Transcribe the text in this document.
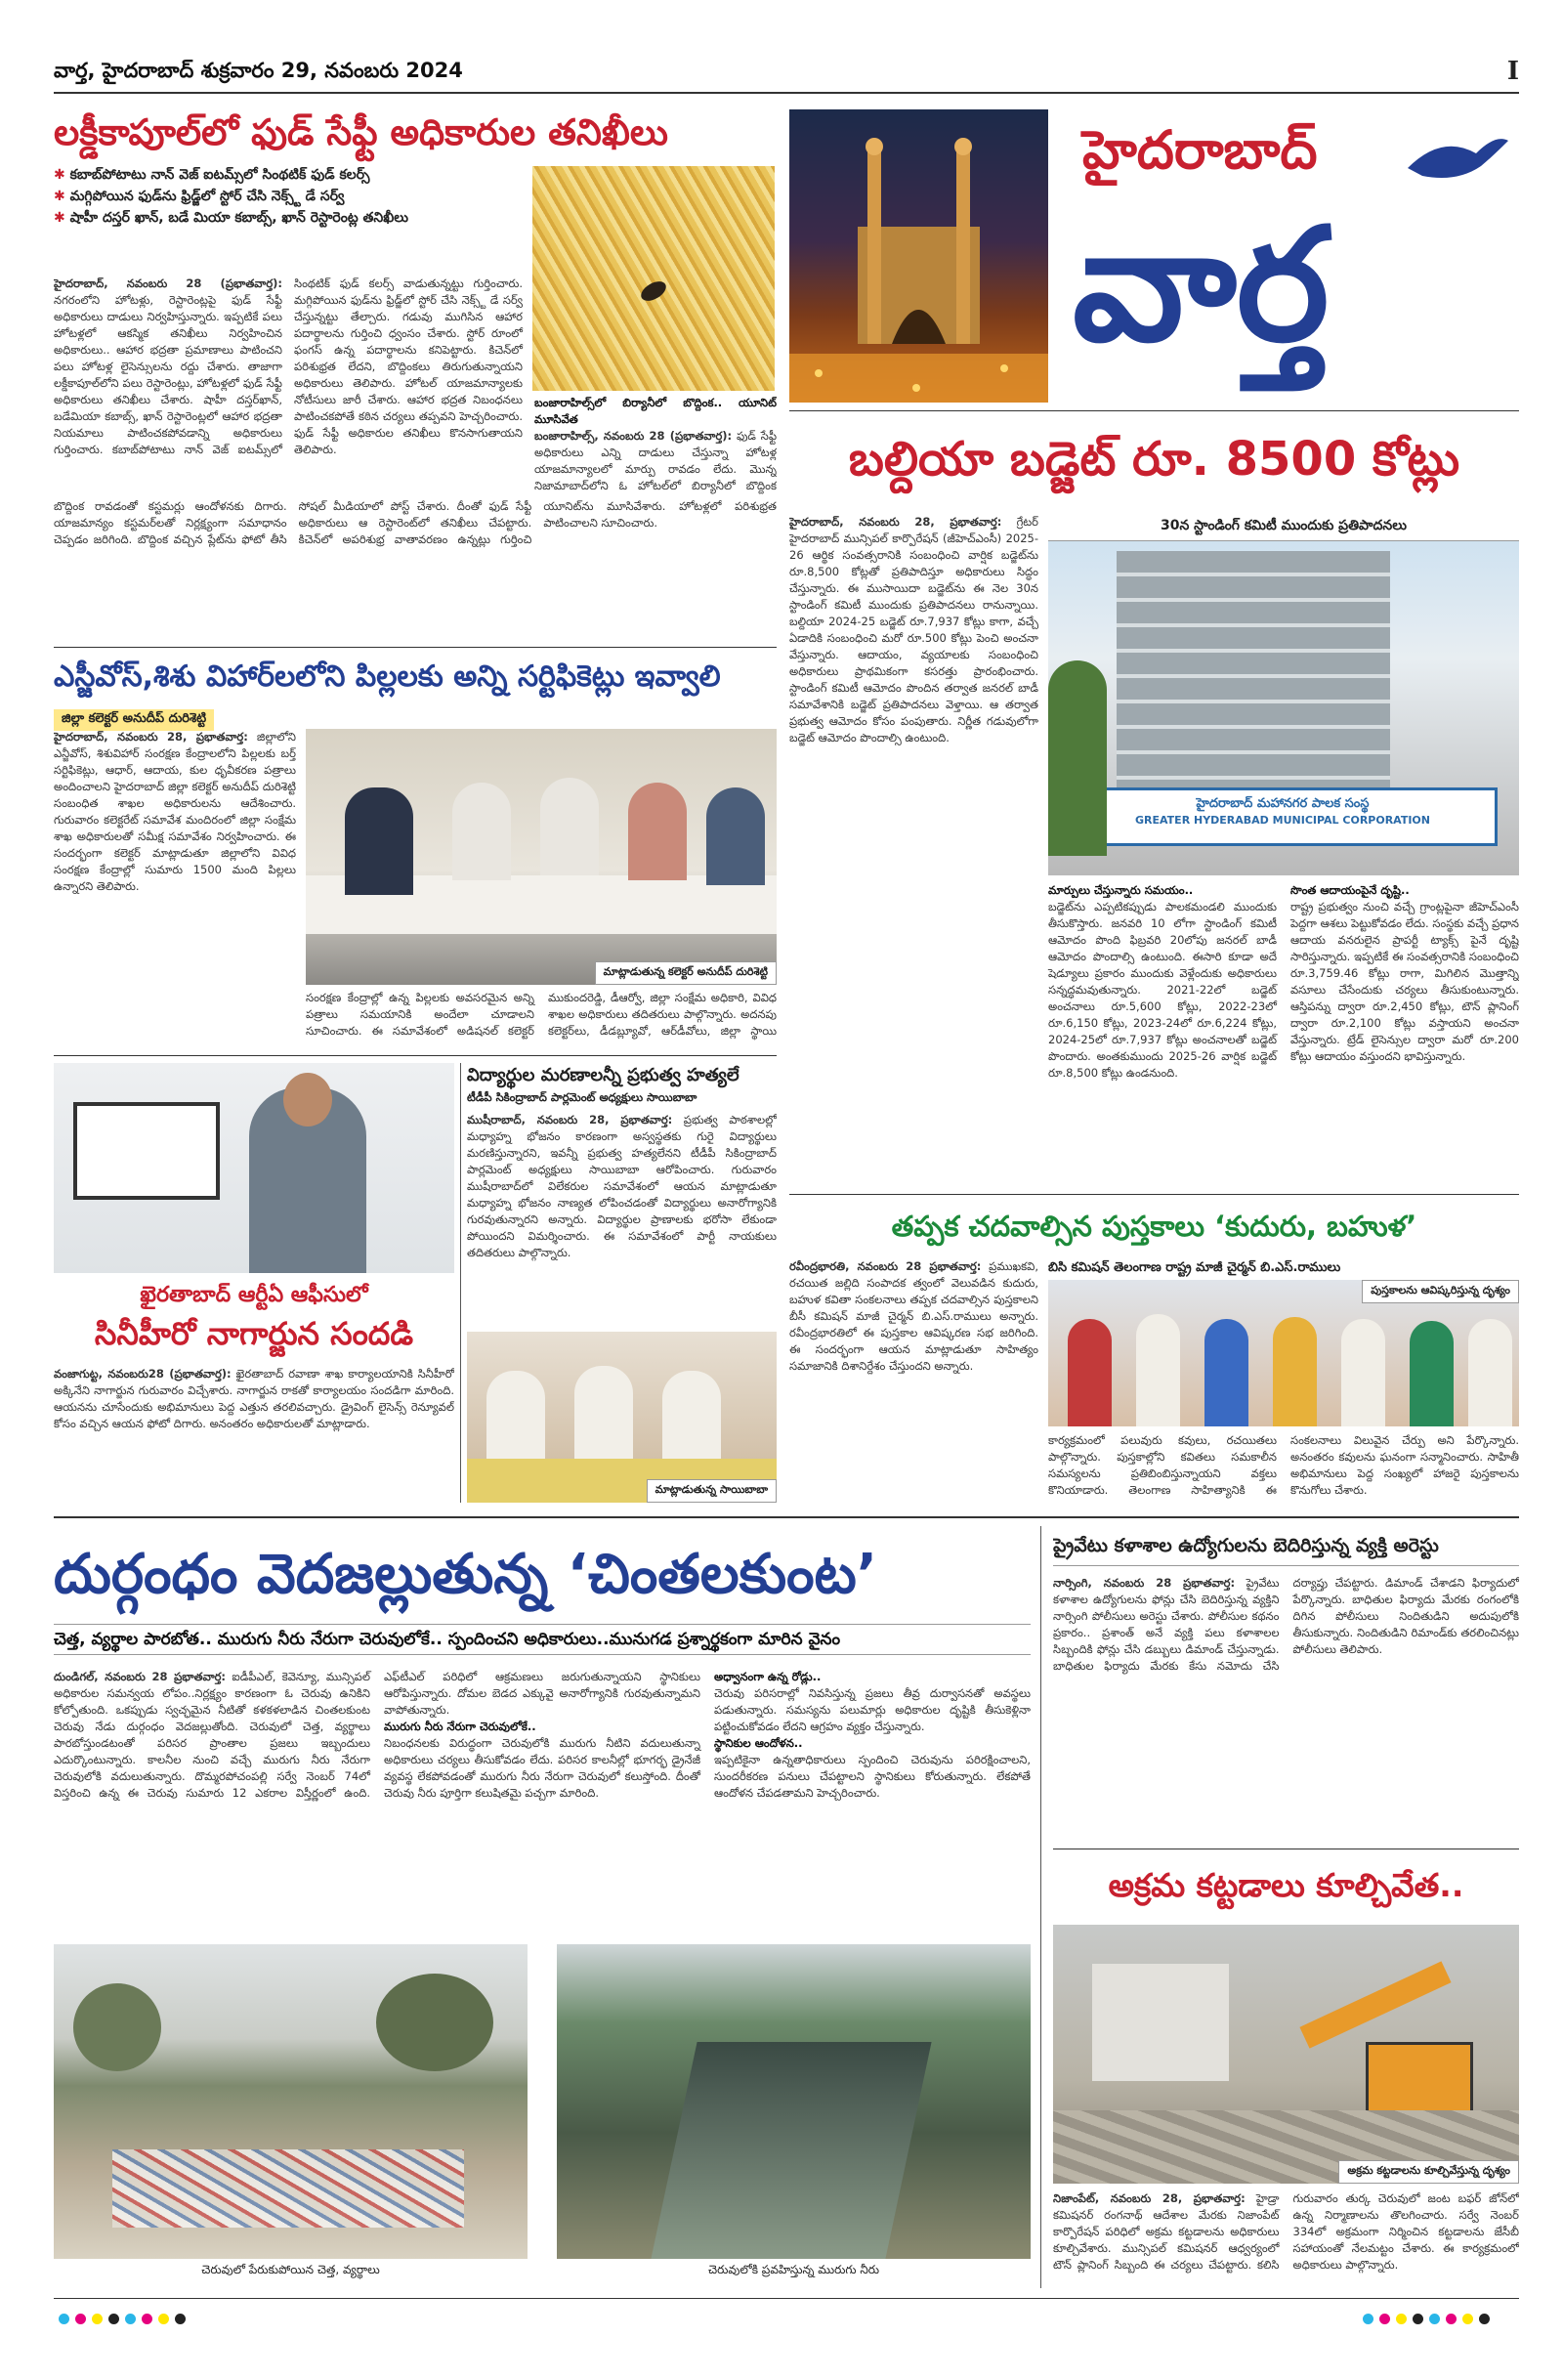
వార్త, హైదరాబాద్ శుక్రవారం 29, నవంబరు 2024	I
లక్డీకాపూల్‌లో ఫుడ్ సేఫ్టీ అధికారుల తనిఖీలు
✱ కబాబ్‌పోటాటు నాన్ వెజ్ ఐటమ్స్‌లో సింథటిక్ ఫుడ్ కలర్స్
✱ మగ్గిపోయిన ఫుడ్‌ను ఫ్రిడ్జ్‌లో స్టోర్ చేసి నెక్స్ట్ డే సర్వ్
✱ షాహీ దస్తర్ ఖాన్, బడే మియా కబాబ్స్, ఖాన్ రెస్టారెంట్ల తనిఖీలు
హైదరాబాద్, నవంబరు 28 (ప్రభాతవార్త): నగరంలోని హోటళ్లు, రెస్టారెంట్లపై ఫుడ్ సేఫ్టీ అధికారులు దాడులు నిర్వహిస్తున్నారు. ఇప్పటికే పలు హోటళ్లలో ఆకస్మిక తనిఖీలు నిర్వహించిన అధికారులు.. ఆహార భద్రతా ప్రమాణాలు పాటించని పలు హోటళ్ల లైసెన్సులను రద్దు చేశారు. తాజాగా లక్డీకాపూల్‌లోని పలు రెస్టారెంట్లు, హోటళ్లలో ఫుడ్ సేఫ్టీ అధికారులు తనిఖీలు చేశారు. షాహీ దస్తర్‌ఖాన్, బడేమియా కబాబ్స్, ఖాన్ రెస్టారెంట్లలో ఆహార భద్రతా నియమాలు పాటించకపోవడాన్ని అధికారులు గుర్తించారు. కబాబ్‌పోటాటు నాన్ వెజ్ ఐటమ్స్‌లో సింథటిక్ ఫుడ్ కలర్స్ వాడుతున్నట్టు గుర్తించారు. మగ్గిపోయిన ఫుడ్‌ను ఫ్రిడ్జ్‌లో స్టోర్ చేసి నెక్స్ట్ డే సర్వ్ చేస్తున్నట్టు తేల్చారు. గడువు ముగిసిన ఆహార పదార్థాలను గుర్తించి ధ్వంసం చేశారు. స్టోర్ రూంలో ఫంగస్ ఉన్న పదార్థాలను కనిపెట్టారు. కిచెన్‌లో పరిశుభ్రత లేదని, బొద్దింకలు తిరుగుతున్నాయని అధికారులు తెలిపారు. హోటల్ యాజమాన్యాలకు నోటీసులు జారీ చేశారు. ఆహార భద్రత నిబంధనలు పాటించకపోతే కఠిన చర్యలు తప్పవని హెచ్చరించారు. ఫుడ్ సేఫ్టీ అధికారుల తనిఖీలు కొనసాగుతాయని తెలిపారు.
బంజారాహిల్స్‌లో బిర్యానీలో బొద్దింక.. యూనిట్ మూసివేత
బంజారాహిల్స్, నవంబరు 28 (ప్రభాతవార్త): ఫుడ్ సేఫ్టీ అధికారులు ఎన్ని దాడులు చేస్తున్నా హోటళ్ల యాజమాన్యాలలో మార్పు రావడం లేదు. మొన్న నిజామాబాద్‌లోని ఓ హోటల్‌లో బిర్యానీలో బొద్దింక
బొద్దింక రావడంతో కస్టమర్లు ఆందోళనకు దిగారు. యాజమాన్యం కస్టమర్‌లతో నిర్లక్ష్యంగా సమాధానం చెప్పడం జరిగింది. బొద్దింక వచ్చిన ప్లేట్‌ను ఫోటో తీసి సోషల్ మీడియాలో పోస్ట్ చేశారు. దీంతో ఫుడ్ సేఫ్టీ అధికారులు ఆ రెస్టారెంట్‌లో తనిఖీలు చేపట్టారు. కిచెన్‌లో అపరిశుభ్ర వాతావరణం ఉన్నట్లు గుర్తించి యూనిట్‌ను మూసివేశారు. హోటళ్లలో పరిశుభ్రత పాటించాలని సూచించారు.
హైదరాబాద్
వార్త
బల్దియా బడ్జెట్ రూ. 8500 కోట్లు
30న స్టాండింగ్ కమిటీ ముందుకు ప్రతిపాదనలు
హైదరాబాద్ మహానగర పాలక సంస్థ
GREATER HYDERABAD MUNICIPAL CORPORATION
హైదరాబాద్, నవంబరు 28, ప్రభాతవార్త: గ్రేటర్ హైదరాబాద్ మున్సిపల్ కార్పొరేషన్ (జీహెచ్ఎంసీ) 2025-26 ఆర్థిక సంవత్సరానికి సంబంధించి వార్షిక బడ్జెట్‌ను రూ.8,500 కోట్లతో ప్రతిపాదిస్తూ అధికారులు సిద్ధం చేస్తున్నారు. ఈ ముసాయిదా బడ్జెట్‌ను ఈ నెల 30న స్టాండింగ్ కమిటీ ముందుకు ప్రతిపాదనలు రానున్నాయి. బల్దియా 2024-25 బడ్జెట్ రూ.7,937 కోట్లు కాగా, వచ్చే ఏడాదికి సంబంధించి మరో రూ.500 కోట్లు పెంచి అంచనా వేస్తున్నారు. ఆదాయం, వ్యయాలకు సంబంధించి అధికారులు ప్రాథమికంగా కసరత్తు ప్రారంభించారు. స్టాండింగ్ కమిటీ ఆమోదం పొందిన తర్వాత జనరల్ బాడీ సమావేశానికి బడ్జెట్ ప్రతిపాదనలు వెళ్తాయి. ఆ తర్వాత ప్రభుత్వ ఆమోదం కోసం పంపుతారు. నిర్ణీత గడువులోగా బడ్జెట్ ఆమోదం పొందాల్సి ఉంటుంది.
మార్పులు చేస్తున్నారు సమయం..
బడ్జెట్‌ను ఎప్పటికప్పుడు పాలకమండలి ముందుకు తీసుకొస్తారు. జనవరి 10 లోగా స్టాండింగ్ కమిటీ ఆమోదం పొంది ఫిబ్రవరి 20లోపు జనరల్ బాడీ ఆమోదం పొందాల్సి ఉంటుంది. ఈసారి కూడా అదే షెడ్యూలు ప్రకారం ముందుకు వెళ్లేందుకు అధికారులు సన్నద్ధమవుతున్నారు. 2021-22లో బడ్జెట్ అంచనాలు రూ.5,600 కోట్లు, 2022-23లో రూ.6,150 కోట్లు, 2023-24లో రూ.6,224 కోట్లు, 2024-25లో రూ.7,937 కోట్లు అంచనాలతో బడ్జెట్ పొందారు. అంతకుముందు 2025-26 వార్షిక బడ్జెట్ రూ.8,500 కోట్లు ఉండనుంది.
సొంత ఆదాయంపైనే దృష్టి..
రాష్ట్ర ప్రభుత్వం నుంచి వచ్చే గ్రాంట్లపైనా జీహెచ్ఎంసీ పెద్దగా ఆశలు పెట్టుకోవడం లేదు. సంస్థకు వచ్చే ప్రధాన ఆదాయ వనరులైన ప్రాపర్టీ ట్యాక్స్ పైనే దృష్టి సారిస్తున్నారు. ఇప్పటికే ఈ సంవత్సరానికి సంబంధించి రూ.3,759.46 కోట్లు రాగా, మిగిలిన మొత్తాన్ని వసూలు చేసేందుకు చర్యలు తీసుకుంటున్నారు. ఆస్తిపన్ను ద్వారా రూ.2,450 కోట్లు, టౌన్ ప్లానింగ్ ద్వారా రూ.2,100 కోట్లు వస్తాయని అంచనా వేస్తున్నారు. ట్రేడ్ లైసెన్సుల ద్వారా మరో రూ.200 కోట్లు ఆదాయం వస్తుందని భావిస్తున్నారు.
ఎస్జీవోస్,శిశు విహార్‌లలోని పిల్లలకు అన్ని సర్టిఫికెట్లు ఇవ్వాలి
జిల్లా కలెక్టర్ అనుదీప్ దురిశెట్టి
మాట్లాడుతున్న కలెక్టర్ అనుదీప్ దురిశెట్టి
హైదరాబాద్, నవంబరు 28, ప్రభాతవార్త: జిల్లాలోని ఎన్జీవోస్, శిశువిహార్ సంరక్షణ కేంద్రాలలోని పిల్లలకు బర్త్ సర్టిఫికెట్లు, ఆధార్, ఆదాయ, కుల ధృవీకరణ పత్రాలు అందించాలని హైదరాబాద్ జిల్లా కలెక్టర్ అనుదీప్ దురిశెట్టి సంబంధిత శాఖల అధికారులను ఆదేశించారు. గురువారం కలెక్టరేట్ సమావేశ మందిరంలో జిల్లా సంక్షేమ శాఖ అధికారులతో సమీక్ష సమావేశం నిర్వహించారు. ఈ సందర్భంగా కలెక్టర్ మాట్లాడుతూ జిల్లాలోని వివిధ సంరక్షణ కేంద్రాల్లో సుమారు 1500 మంది పిల్లలు ఉన్నారని తెలిపారు.
సంరక్షణ కేంద్రాల్లో ఉన్న పిల్లలకు అవసరమైన అన్ని పత్రాలు సమయానికి అందేలా చూడాలని సూచించారు. ఈ సమావేశంలో అడిషనల్ కలెక్టర్ ముకుందరెడ్డి, డీఆర్వో, జిల్లా సంక్షేమ అధికారి, వివిధ శాఖల అధికారులు తదితరులు పాల్గొన్నారు. అదనపు కలెక్టర్‌లు, డీడబ్ల్యూవో, ఆర్‌డీవోలు, జిల్లా స్థాయి
ఖైరతాబాద్ ఆర్టీఏ ఆఫీసులో
సినీహీరో నాగార్జున సందడి
వంజాగుట్ట, నవంబరు28 (ప్రభాతవార్త): ఖైరతాబాద్ రవాణా శాఖ కార్యాలయానికి సినీహీరో అక్కినేని నాగార్జున గురువారం విచ్చేశారు. నాగార్జున రాకతో కార్యాలయం సందడిగా మారింది. ఆయనను చూసేందుకు అభిమానులు పెద్ద ఎత్తున తరలివచ్చారు. డ్రైవింగ్ లైసెన్స్ రెన్యూవల్ కోసం వచ్చిన ఆయన ఫోటో దిగారు. అనంతరం అధికారులతో మాట్లాడారు.
విద్యార్థుల మరణాలన్నీ ప్రభుత్వ హత్యలే
టీడీపీ సికింద్రాబాద్ పార్లమెంట్ అధ్యక్షులు సాయిబాబా
ముషీరాబాద్, నవంబరు 28, ప్రభాతవార్త: ప్రభుత్వ పాఠశాలల్లో మధ్యాహ్న భోజనం కారణంగా అస్వస్థతకు గురై విద్యార్థులు మరణిస్తున్నారని, ఇవన్నీ ప్రభుత్వ హత్యలేనని టీడీపీ సికింద్రాబాద్ పార్లమెంట్ అధ్యక్షులు సాయిబాబా ఆరోపించారు. గురువారం ముషీరాబాద్‌లో విలేకరుల సమావేశంలో ఆయన మాట్లాడుతూ మధ్యాహ్న భోజనం నాణ్యత లోపించడంతో విద్యార్థులు అనారోగ్యానికి గురవుతున్నారని అన్నారు. విద్యార్థుల ప్రాణాలకు భరోసా లేకుండా పోయిందని విమర్శించారు. ఈ సమావేశంలో పార్టీ నాయకులు తదితరులు పాల్గొన్నారు.
మాట్లాడుతున్న సాయిబాబా
తప్పక చదవాల్సిన పుస్తకాలు ‘కుదురు, బహుళ’
బిసి కమిషన్ తెలంగాణ రాష్ట్ర మాజీ చైర్మన్ బి.ఎస్.రాములు
పుస్తకాలను ఆవిష్కరిస్తున్న దృశ్యం
రవీంద్రభారతి, నవంబరు 28 ప్రభాతవార్త: ప్రముఖకవి, రచయిత జల్లిది సంపాదక త్వంలో వెలువడిన కుదురు, బహుళ కవితా సంకలనాలు తప్పక చదవాల్సిన పుస్తకాలని బీసీ కమిషన్ మాజీ చైర్మన్ బి.ఎస్.రాములు అన్నారు. రవీంద్రభారతిలో ఈ పుస్తకాల ఆవిష్కరణ సభ జరిగింది. ఈ సందర్భంగా ఆయన మాట్లాడుతూ సాహిత్యం సమాజానికి దిశానిర్దేశం చేస్తుందని అన్నారు.
కార్యక్రమంలో పలువురు కవులు, రచయితలు పాల్గొన్నారు. పుస్తకాల్లోని కవితలు సమకాలీన సమస్యలను ప్రతిబింబిస్తున్నాయని వక్తలు కొనియాడారు. తెలంగాణ సాహిత్యానికి ఈ సంకలనాలు విలువైన చేర్పు అని పేర్కొన్నారు. అనంతరం కవులను ఘనంగా సన్మానించారు. సాహితీ అభిమానులు పెద్ద సంఖ్యలో హాజరై పుస్తకాలను కొనుగోలు చేశారు.
దుర్గంధం వెదజల్లుతున్న ‘చింతలకుంట’
చెత్త, వ్యర్థాల పారబోత.. మురుగు నీరు నేరుగా చెరువులోకే.. స్పందించని అధికారులు..మునుగడ ప్రశ్నార్థకంగా మారిన వైనం
దుండిగల్, నవంబరు 28 ప్రభాతవార్త: ఐడీపీఎల్, కెవెన్యూ, మున్సిపల్ అధికారుల సమన్వయ లోపం..నిర్లక్ష్యం కారణంగా ఓ చెరువు ఉనికిని కోల్పోతుంది. ఒకప్పుడు స్వచ్ఛమైన నీటితో కళకళలాడిన చింతలకుంట చెరువు నేడు దుర్గంధం వెదజల్లుతోంది. చెరువులో చెత్త, వ్యర్థాలు పారబోస్తుండటంతో పరిసర ప్రాంతాల ప్రజలు ఇబ్బందులు ఎదుర్కొంటున్నారు. కాలనీల నుంచి వచ్చే మురుగు నీరు నేరుగా చెరువులోకి వదులుతున్నారు. దొమ్మరపోచంపల్లి సర్వే నెంబర్ 74లో విస్తరించి ఉన్న ఈ చెరువు సుమారు 12 ఎకరాల విస్తీర్ణంలో ఉంది. ఎఫ్‌టీఎల్ పరిధిలో ఆక్రమణలు జరుగుతున్నాయని స్థానికులు ఆరోపిస్తున్నారు. దోమల బెడద ఎక్కువై అనారోగ్యానికి గురవుతున్నామని వాపోతున్నారు.
మురుగు నీరు నేరుగా చెరువులోకే..
నిబంధనలకు విరుద్ధంగా చెరువులోకి మురుగు నీటిని వదులుతున్నా అధికారులు చర్యలు తీసుకోవడం లేదు. పరిసర కాలనీల్లో భూగర్భ డ్రైనేజీ వ్యవస్థ లేకపోవడంతో మురుగు నీరు నేరుగా చెరువులో కలుస్తోంది. దీంతో చెరువు నీరు పూర్తిగా కలుషితమై పచ్చగా మారింది.
అధ్వానంగా ఉన్న రోడ్లు..
చెరువు పరిసరాల్లో నివసిస్తున్న ప్రజలు తీవ్ర దుర్వాసనతో అవస్థలు పడుతున్నారు. సమస్యను పలుమార్లు అధికారుల దృష్టికి తీసుకెళ్లినా పట్టించుకోవడం లేదని ఆగ్రహం వ్యక్తం చేస్తున్నారు.
స్థానికుల ఆందోళన..
ఇప్పటికైనా ఉన్నతాధికారులు స్పందించి చెరువును పరిరక్షించాలని, సుందరీకరణ పనులు చేపట్టాలని స్థానికులు కోరుతున్నారు. లేకపోతే ఆందోళన చేపడతామని హెచ్చరించారు.
చెరువులో పేరుకుపోయిన చెత్త, వ్యర్థాలు	చెరువులోకి ప్రవహిస్తున్న మురుగు నీరు
ప్రైవేటు కళాశాల ఉద్యోగులను బెదిరిస్తున్న వ్యక్తి అరెస్టు
నార్సింగి, నవంబరు 28 ప్రభాతవార్త: ప్రైవేటు కళాశాల ఉద్యోగులను ఫోన్లు చేసి బెదిరిస్తున్న వ్యక్తిని నార్సింగి పోలీసులు అరెస్టు చేశారు. పోలీసుల కథనం ప్రకారం.. ప్రశాంత్ అనే వ్యక్తి పలు కళాశాలల సిబ్బందికి ఫోన్లు చేసి డబ్బులు డిమాండ్ చేస్తున్నాడు. బాధితుల ఫిర్యాదు మేరకు కేసు నమోదు చేసి దర్యాప్తు చేపట్టారు. డిమాండ్ చేశాడని ఫిర్యాదులో పేర్కొన్నారు. బాధితుల ఫిర్యాదు మేరకు రంగంలోకి దిగిన పోలీసులు నిందితుడిని అదుపులోకి తీసుకున్నారు. నిందితుడిని రిమాండ్‌కు తరలించినట్లు పోలీసులు తెలిపారు.
అక్రమ కట్టడాలు కూల్చివేత..
అక్రమ కట్టడాలను కూల్చివేస్తున్న దృశ్యం
నిజాంపేట్, నవంబరు 28, ప్రభాతవార్త: హైడ్రా కమిషనర్ రంగనాథ్ ఆదేశాల మేరకు నిజాంపేట్ కార్పొరేషన్ పరిధిలో అక్రమ కట్టడాలను అధికారులు కూల్చివేశారు. మున్సిపల్ కమిషనర్ ఆధ్వర్యంలో టౌన్ ప్లానింగ్ సిబ్బంది ఈ చర్యలు చేపట్టారు. కలిసి గురువారం తుర్క చెరువులో జంట బఫర్ జోన్‌లో ఉన్న నిర్మాణాలను తొలగించారు. సర్వే నెంబర్ 334లో అక్రమంగా నిర్మించిన కట్టడాలను జేసీబీ సహాయంతో నేలమట్టం చేశారు. ఈ కార్యక్రమంలో అధికారులు పాల్గొన్నారు.
